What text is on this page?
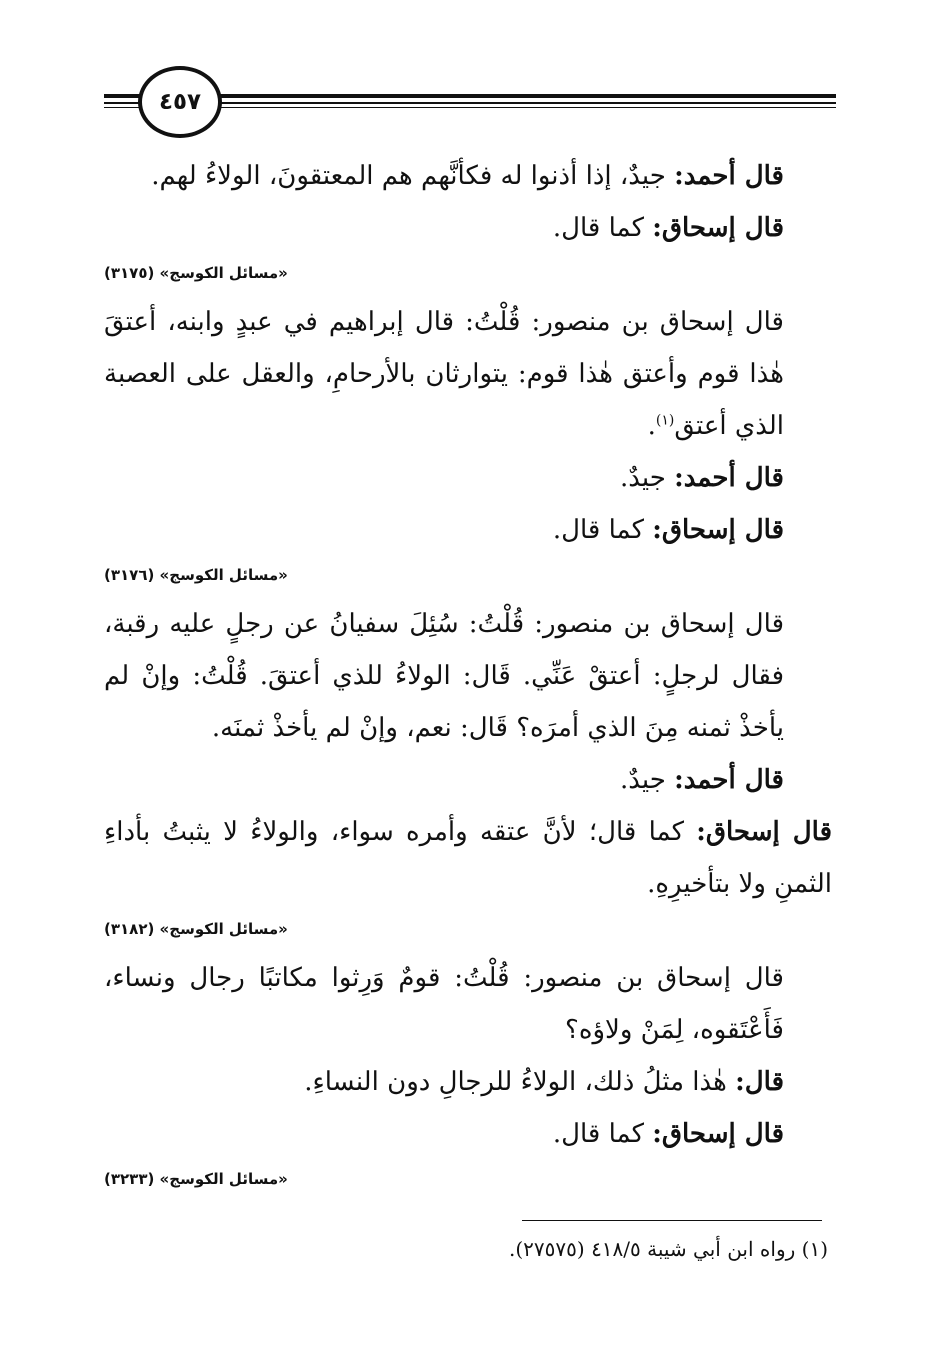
٤٥٧

قال أحمد: جيدٌ، إذا أذنوا له فكأنَّهم هم المعتقونَ، الولاءُ لهم.

قال إسحاق: كما قال.

«مسائل الكوسج» (٣١٧٥)

قال إسحاق بن منصور: قُلْتُ: قال إبراهيم في عبدٍ وابنه، أعتقَ هٰذا قوم وأعتق هٰذا قوم: يتوارثان بالأرحامِ، والعقل على العصبة الذي أعتق$^{(١)}$.

قال أحمد: جيدٌ.

قال إسحاق: كما قال.

«مسائل الكوسج» (٣١٧٦)

قال إسحاق بن منصور: قُلْتُ: سُئِلَ سفيانُ عن رجلٍ عليه رقبة، فقال لرجلٍ: أعتقْ عَنِّي. قَال: الولاءُ للذي أعتقَ. قُلْتُ: وإنْ لم يأخذْ ثمنه مِنَ الذي أمرَه؟ قَال: نعم، وإنْ لم يأخذْ ثمنَه.

قال أحمد: جيدٌ.

قال إسحاق: كما قال؛ لأنَّ عتقه وأمره سواء، والولاءُ لا يثبتُ بأداءِ الثمنِ ولا بتأخيرِهِ.

«مسائل الكوسج» (٣١٨٢)

قال إسحاق بن منصور: قُلْتُ: قومٌ وَرِثوا مكاتبًا رجال ونساء، فَأَعْتَقوه، لِمَنْ ولاؤه؟

قال: هٰذا مثلُ ذلك، الولاءُ للرجالِ دون النساءِ.

قال إسحاق: كما قال.

«مسائل الكوسج» (٣٢٣٣)
(١) رواه ابن أبي شيبة ٤١٨/٥ (٢٧٥٧٥).
